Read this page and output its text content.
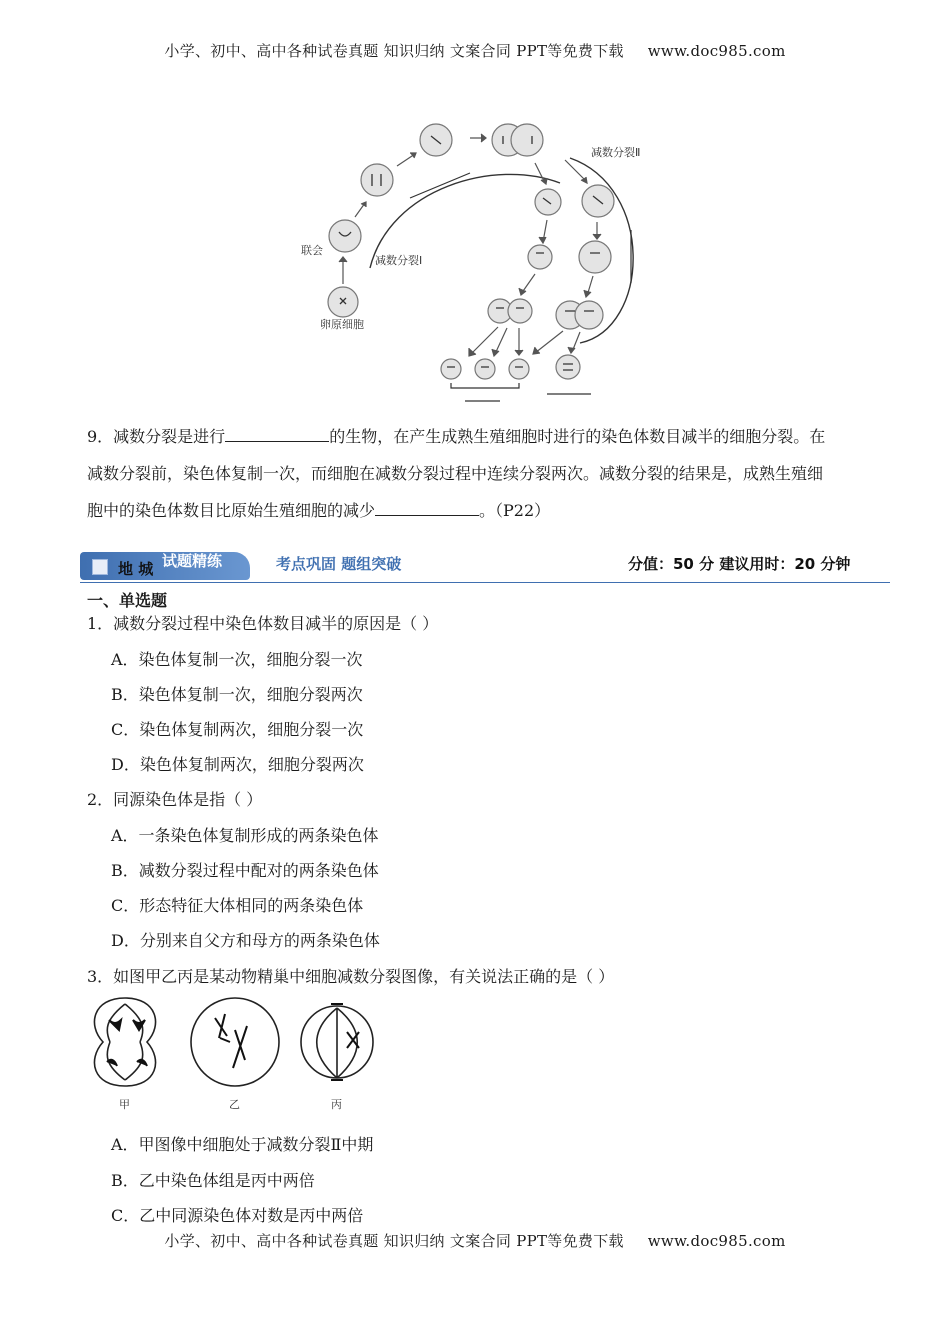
小学、初中、高中各种试卷真题 知识归纳 文案合同 PPT等免费下载 www.doc985.com
联会
减数分裂Ⅰ
减数分裂Ⅱ
卵原细胞
9．减数分裂是进行	的生物，在产生成熟生殖细胞时进行的染色体数目减半的细胞分裂。在
减数分裂前，染色体复制一次，而细胞在减数分裂过程中连续分裂两次。减数分裂的结果是，成熟生殖细
胞中的染色体数目比原始生殖细胞的减少	。（P22）
试题精练
地 城	考点巩固 题组突破	分值：50 分 建议用时：20 分钟
一、单选题
1．减数分裂过程中染色体数目减半的原因是（ ）
A．染色体复制一次，细胞分裂一次
B．染色体复制一次，细胞分裂两次
C．染色体复制两次，细胞分裂一次
D．染色体复制两次，细胞分裂两次
2．同源染色体是指（ ）
A．一条染色体复制形成的两条染色体
B．减数分裂过程中配对的两条染色体
C．形态特征大体相同的两条染色体
D．分别来自父方和母方的两条染色体
3．如图甲乙丙是某动物精巢中细胞减数分裂图像，有关说法正确的是（ ）
甲	乙	丙
A．甲图像中细胞处于减数分裂Ⅱ中期
B．乙中染色体组是丙中两倍
C．乙中同源染色体对数是丙中两倍
小学、初中、高中各种试卷真题 知识归纳 文案合同 PPT等免费下载 www.doc985.com
